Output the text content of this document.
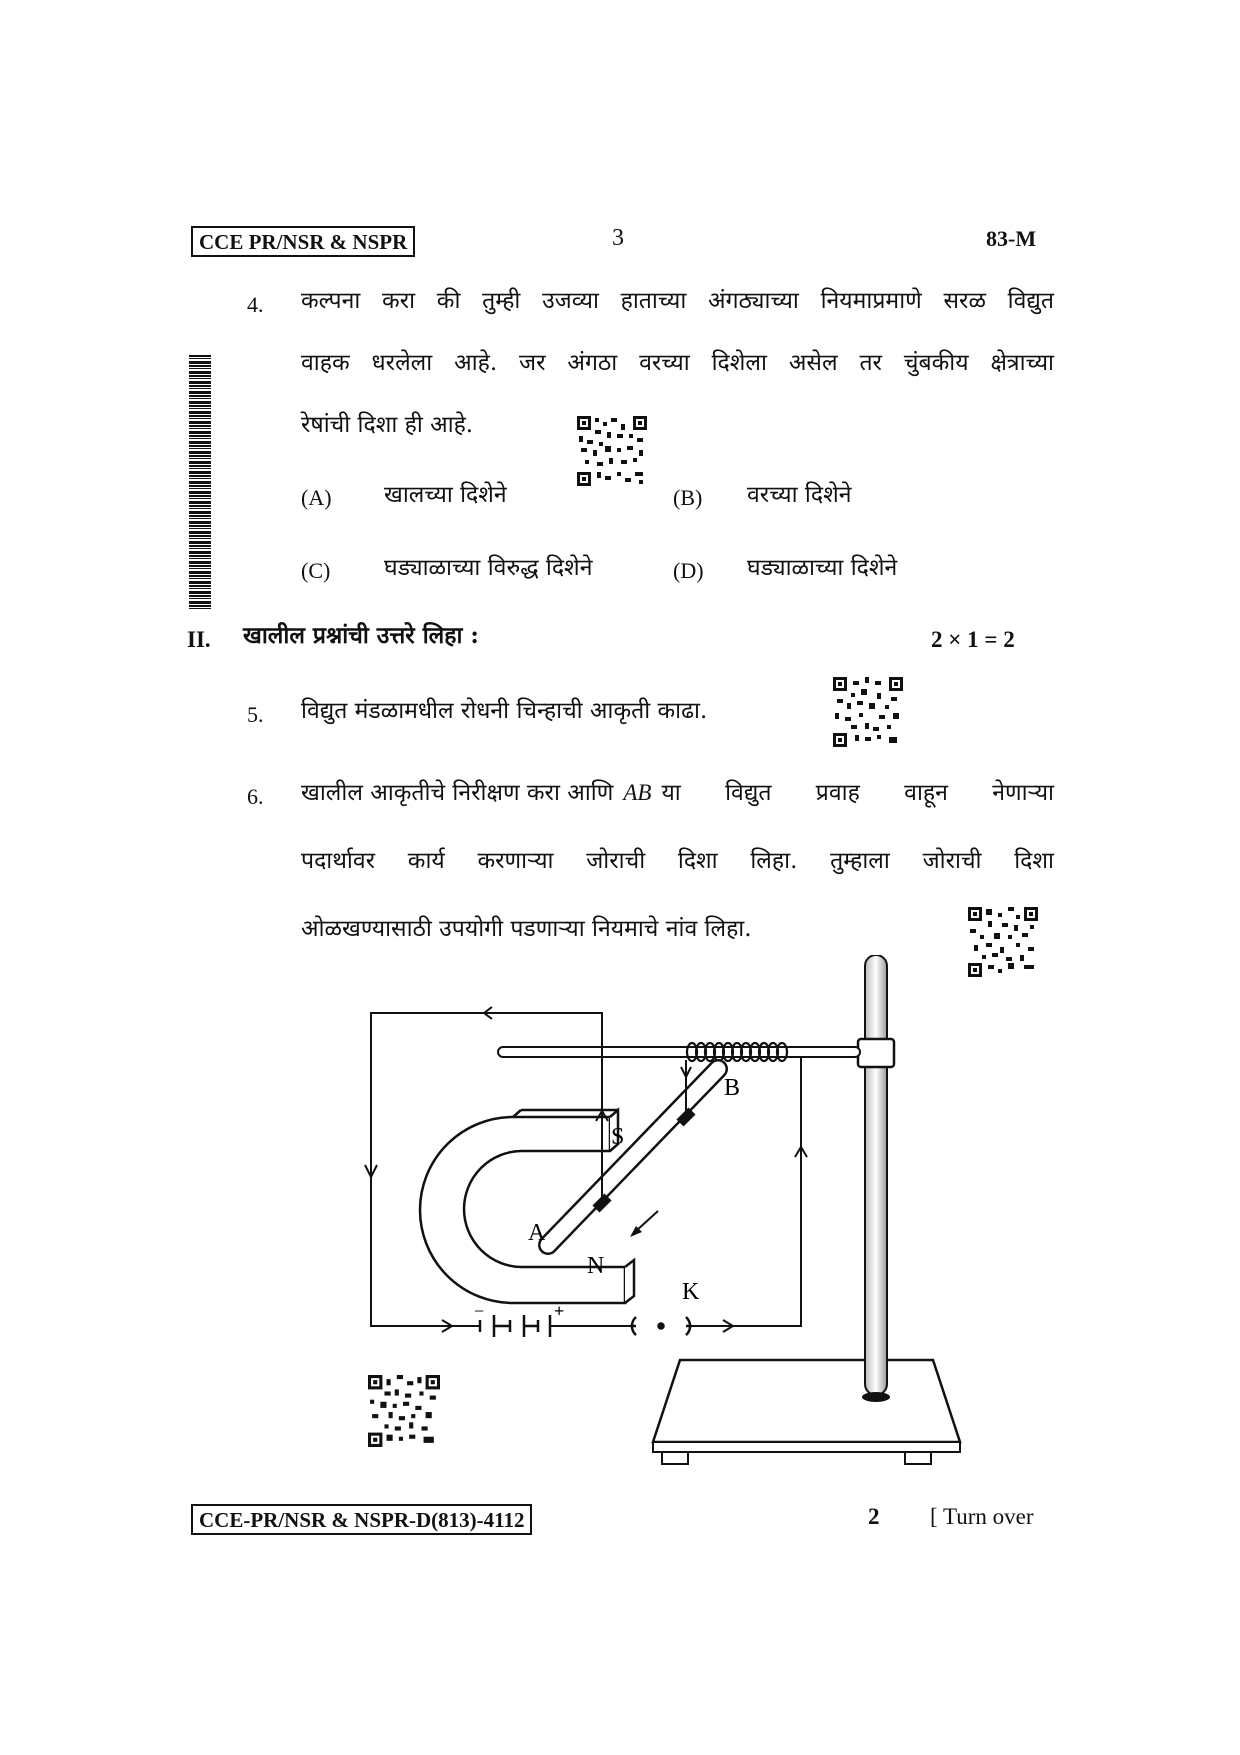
CCE PR/NSR & NSPR	3	83-M
4. कल्पना करा की तुम्ही उजव्या हाताच्या अंगठ्याच्या नियमाप्रमाणे सरळ विद्युत
वाहक धरलेला आहे. जर अंगठा वरच्या दिशेला असेल तर चुंबकीय क्षेत्राच्या
रेषांची दिशा ही आहे.
(A) खालच्या दिशेने	(B) वरच्या दिशेने
(C) घड्याळाच्या विरुद्ध दिशेने	(D) घड्याळाच्या दिशेने
II. खालील प्रश्नांची उत्तरे लिहा :	2 × 1 = 2
5. विद्युत मंडळामधील रोधनी चिन्हाची आकृती काढा.
6. खालील आकृतीचे निरीक्षण करा आणि AB या विद्युत प्रवाह वाहून नेणाऱ्या
पदार्थावर कार्य करणाऱ्या जोराची दिशा लिहा. तुम्हाला जोराची दिशा
ओळखण्यासाठी उपयोगी पडणाऱ्या नियमाचे नांव लिहा.
S
N
A
B
K
−	+
CCE-PR/NSR & NSPR-D(813)-4112	2 [ Turn over
